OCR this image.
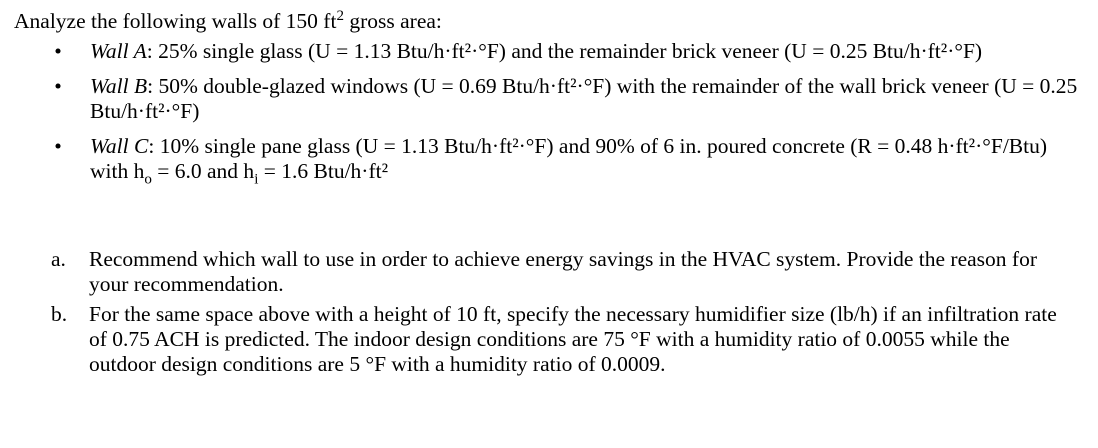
Analyze the following walls of 150 $ft^2$ gross area:
• Wall A: 25% single glass (U = 1.13 Btu/h·ft²·°F) and the remainder brick veneer (U = 0.25 Btu/h·ft²·°F)
• Wall B: 50% double-glazed windows (U = 0.69 Btu/h·ft²·°F) with the remainder of the wall brick veneer (U = 0.25 Btu/h·ft²·°F)
• Wall C: 10% single pane glass (U = 1.13 Btu/h·ft²·°F) and 90% of 6 in. poured concrete (R = 0.48 h·ft²·°F/Btu) with $h_o = 6.0$ and $h_i = 1.6$ Btu/h·ft²
a. Recommend which wall to use in order to achieve energy savings in the HVAC system. Provide the reason for your recommendation.
b. For the same space above with a height of 10 ft, specify the necessary humidifier size (lb/h) if an infiltration rate of 0.75 ACH is predicted. The indoor design conditions are 75 °F with a humidity ratio of 0.0055 while the outdoor design conditions are 5 °F with a humidity ratio of 0.0009.
